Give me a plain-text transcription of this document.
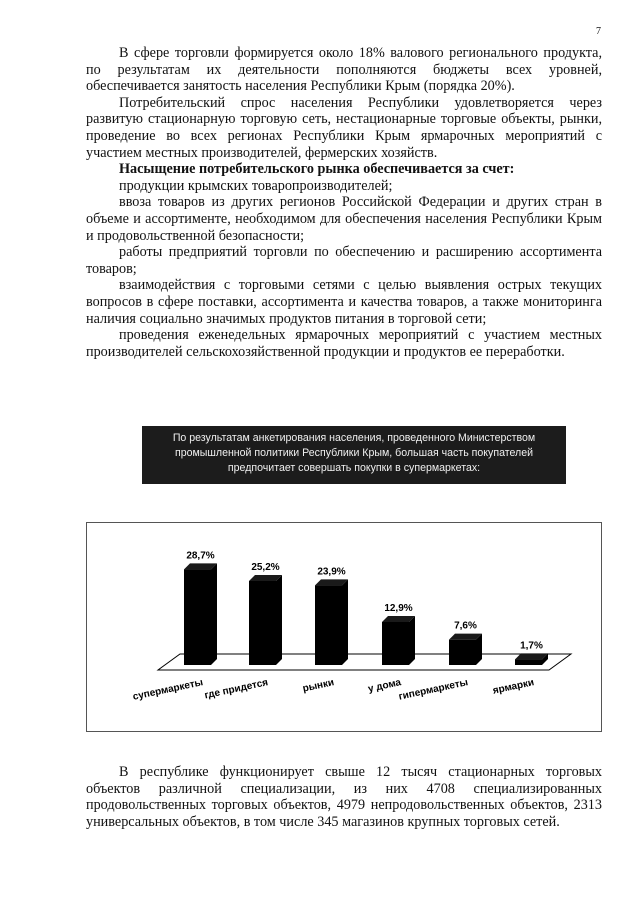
7

В сфере торговли формируется около 18% валового регионального продукта, по результатам их деятельности пополняются бюджеты всех уровней, обеспечивается занятость населения Республики Крым (порядка 20%).

Потребительский спрос населения Республики удовлетворяется через развитую стационарную торговую сеть, нестационарные торговые объекты, рынки, проведение во всех регионах Республики Крым ярмарочных мероприятий с участием местных производителей, фермерских хозяйств.

Насыщение потребительского рынка обеспечивается за счет:

продукции крымских товаропроизводителей;

ввоза товаров из других регионов Российской Федерации и других стран в объеме и ассортименте, необходимом для обеспечения населения Республики Крым и продовольственной безопасности;

работы предприятий торговли по обеспечению и расширению ассортимента товаров;

взаимодействия с торговыми сетями с целью выявления острых текущих вопросов в сфере поставки, ассортимента и качества товаров, а также мониторинга наличия социально значимых продуктов питания в торговой сети;

проведения еженедельных ярмарочных мероприятий с участием местных производителей сельскохозяйственной продукции и продуктов ее переработки.

По результатам анкетирования населения, проведенного Министерством промышленной политики Республики Крым, большая часть покупателей предпочитает совершать покупки в супермаркетах:
28,7%
супермаркеты
25,2%
где придется
23,9%
рынки
12,9%
у дома
7,6%
гипермаркеты
1,7%
ярмарки

В республике функционирует свыше 12 тысяч стационарных торговых объектов различной специализации, из них 4708 специализированных продовольственных торговых объектов, 4979 непродовольственных объектов, 2313 универсальных объектов, в том числе 345 магазинов крупных торговых сетей.
